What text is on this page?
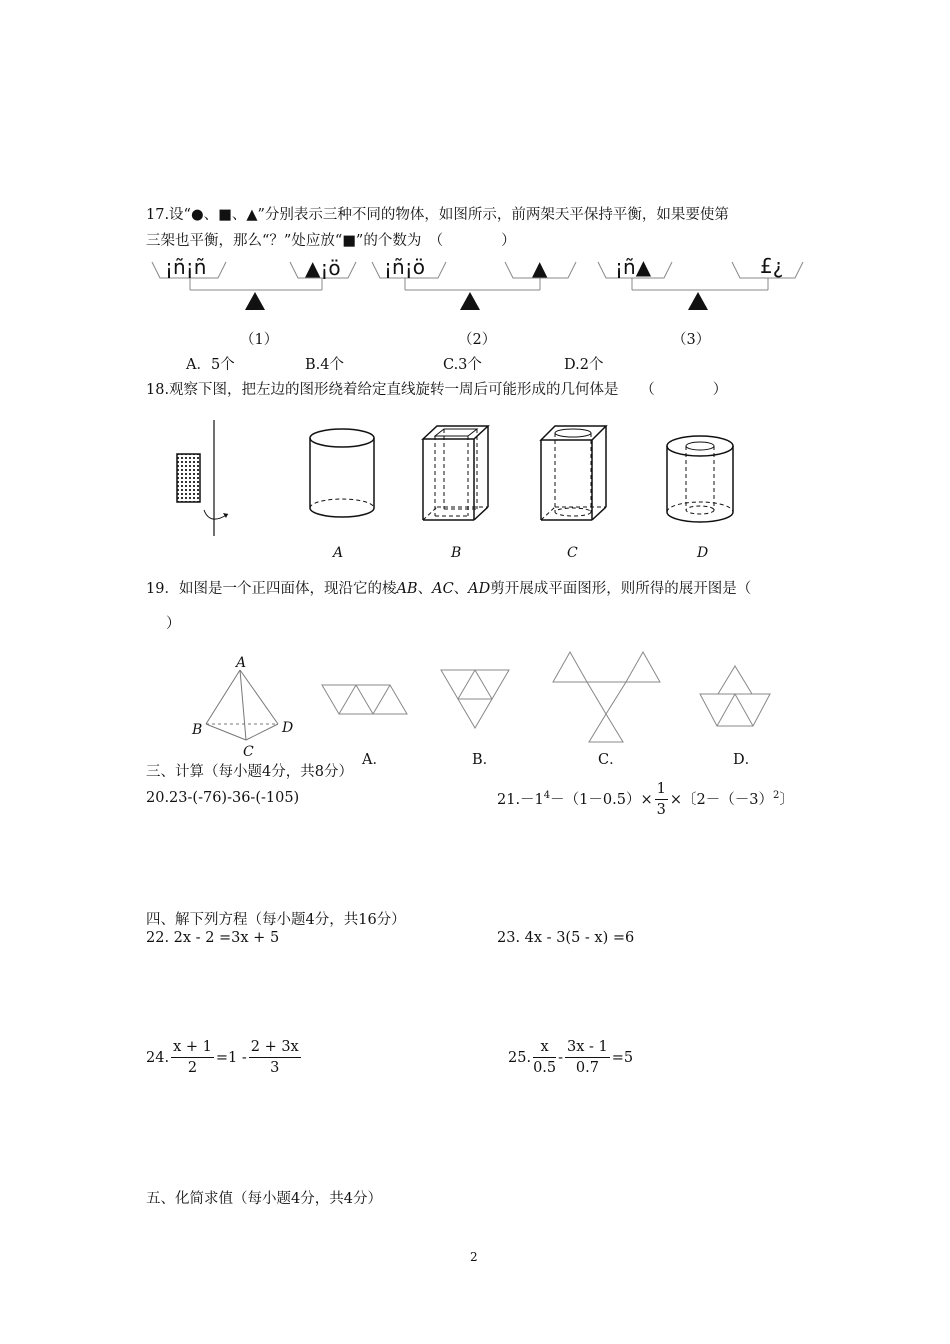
17.设“●、■、▲”分别表示三种不同的物体，如图所示，前两架天平保持平衡，如果要使第
三架也平衡，那么“？”处应放“■”的个数为　（　　　　）
¡ñ¡ñ	▲¡ö
（1）
¡ñ¡ö	▲
（2）
¡ñ▲	£¿
（3）
A．5个	B.4个	C.3个	D.2个
18.观察下图，把左边的图形绕着给定直线旋转一周后可能形成的几何体是　　（　　　　）
A	B	C	D
19．如图是一个正四面体，现沿它的棱AB、AC、AD剪开展成平面图形，则所得的展开图是（
）
A
B
C
D
A．	B．	C．	D．
三、计算（每小题4分，共8分）
20.23-(-76)-36-(-105)	$21.-1^4-(1-0.5)\times \frac{1}{3}$ ×〔$2-(-3)^2$〕
四、解下列方程（每小题4分，共16分）
22. 2x - 2 =3x + 5	23. 4x - 3(5 - x) =6
24. $\frac{x + 1}{2} =1 - \frac{2 + 3x}{3}$	25. $\frac{x}{0.5} - \frac{3x - 1}{0.7} =5$
五、化简求值（每小题4分，共4分）
2
